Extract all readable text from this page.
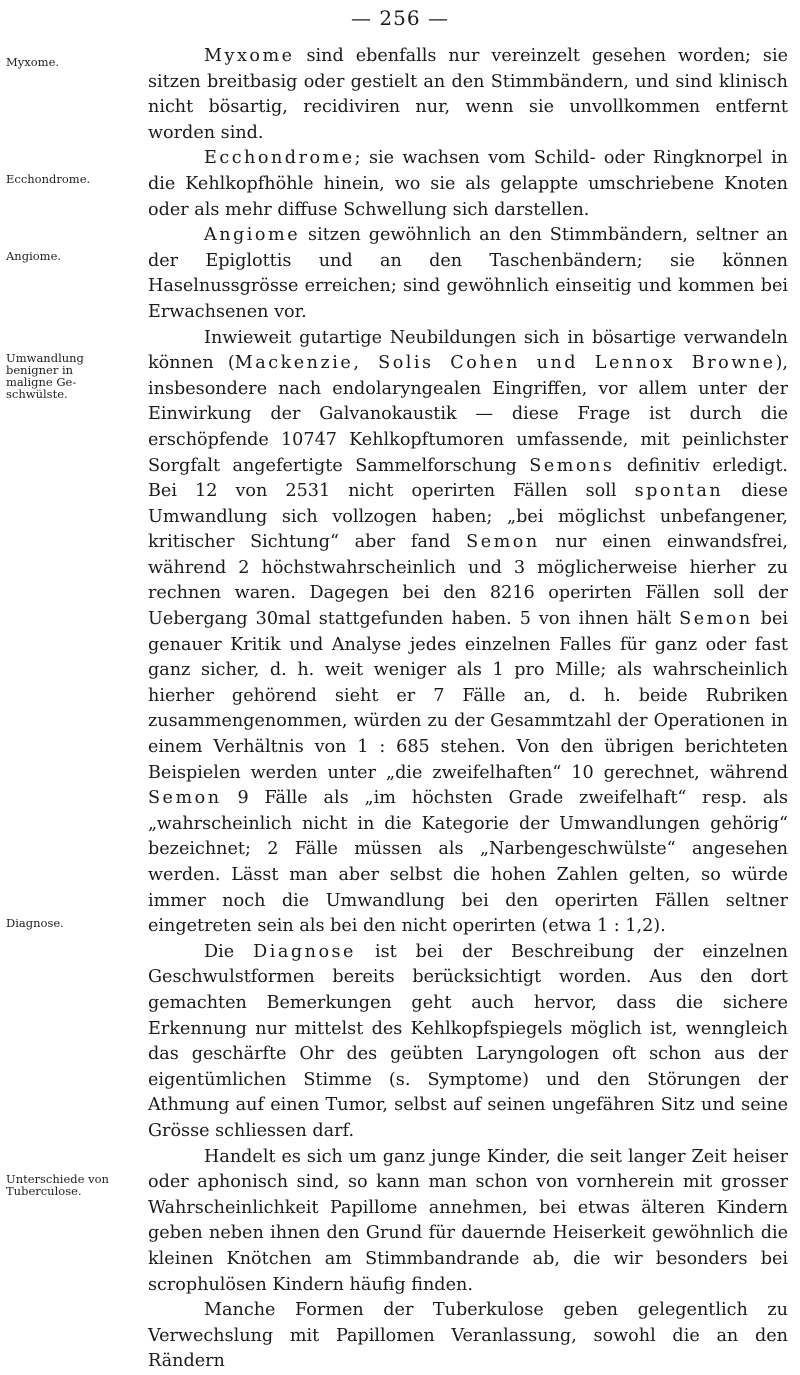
— 256 —
Myxome.
Ecchondrome.
Angiome.
Umwandlung benigner in maligne Ge-schwülste.
Diagnose.
Unterschiede von Tuberculose.

Myxome sind ebenfalls nur vereinzelt gesehen worden; sie sitzen breitbasig oder gestielt an den Stimmbändern, und sind klinisch nicht bösartig, recidiviren nur, wenn sie unvollkommen entfernt worden sind.

Ecchondrome; sie wachsen vom Schild- oder Ringknorpel in die Kehlkopfhöhle hinein, wo sie als gelappte umschriebene Knoten oder als mehr diffuse Schwellung sich darstellen.

Angiome sitzen gewöhnlich an den Stimmbändern, seltner an der Epiglottis und an den Taschenbändern; sie können Haselnussgrösse erreichen; sind gewöhnlich einseitig und kommen bei Erwachsenen vor.

Inwieweit gutartige Neubildungen sich in bösartige verwandeln können (Mackenzie, Solis Cohen und Lennox Browne), insbesondere nach endolaryngealen Eingriffen, vor allem unter der Einwirkung der Galvanokaustik — diese Frage ist durch die erschöpfende 10747 Kehlkopftumoren umfassende, mit peinlichster Sorgfalt angefertigte Sammelforschung Semons definitiv erledigt. Bei 12 von 2531 nicht operirten Fällen soll spontan diese Umwandlung sich vollzogen haben; „bei möglichst unbefangener, kritischer Sichtung“ aber fand Semon nur einen einwandsfrei, während 2 höchstwahrscheinlich und 3 möglicherweise hierher zu rechnen waren. Dagegen bei den 8216 operirten Fällen soll der Uebergang 30mal stattgefunden haben. 5 von ihnen hält Semon bei genauer Kritik und Analyse jedes einzelnen Falles für ganz oder fast ganz sicher, d. h. weit weniger als 1 pro Mille; als wahrscheinlich hierher gehörend sieht er 7 Fälle an, d. h. beide Rubriken zusammengenommen, würden zu der Gesammtzahl der Operationen in einem Verhältnis von 1 : 685 stehen. Von den übrigen berichteten Beispielen werden unter „die zweifelhaften“ 10 gerechnet, während Semon 9 Fälle als „im höchsten Grade zweifelhaft“ resp. als „wahrscheinlich nicht in die Kategorie der Umwandlungen gehörig“ bezeichnet; 2 Fälle müssen als „Narbengeschwülste“ angesehen werden. Lässt man aber selbst die hohen Zahlen gelten, so würde immer noch die Umwandlung bei den operirten Fällen seltner eingetreten sein als bei den nicht operirten (etwa 1 : 1,2).

Die Diagnose ist bei der Beschreibung der einzelnen Geschwulstformen bereits berücksichtigt worden. Aus den dort gemachten Bemerkungen geht auch hervor, dass die sichere Erkennung nur mittelst des Kehlkopfspiegels möglich ist, wenngleich das geschärfte Ohr des geübten Laryngologen oft schon aus der eigentümlichen Stimme (s. Symptome) und den Störungen der Athmung auf einen Tumor, selbst auf seinen ungefähren Sitz und seine Grösse schliessen darf.

Handelt es sich um ganz junge Kinder, die seit langer Zeit heiser oder aphonisch sind, so kann man schon von vornherein mit grosser Wahrscheinlichkeit Papillome annehmen, bei etwas älteren Kindern geben neben ihnen den Grund für dauernde Heiserkeit gewöhnlich die kleinen Knötchen am Stimmbandrande ab, die wir besonders bei scrophulösen Kindern häufig finden.

Manche Formen der Tuberkulose geben gelegentlich zu Verwechslung mit Papillomen Veranlassung, sowohl die an den Rändern
